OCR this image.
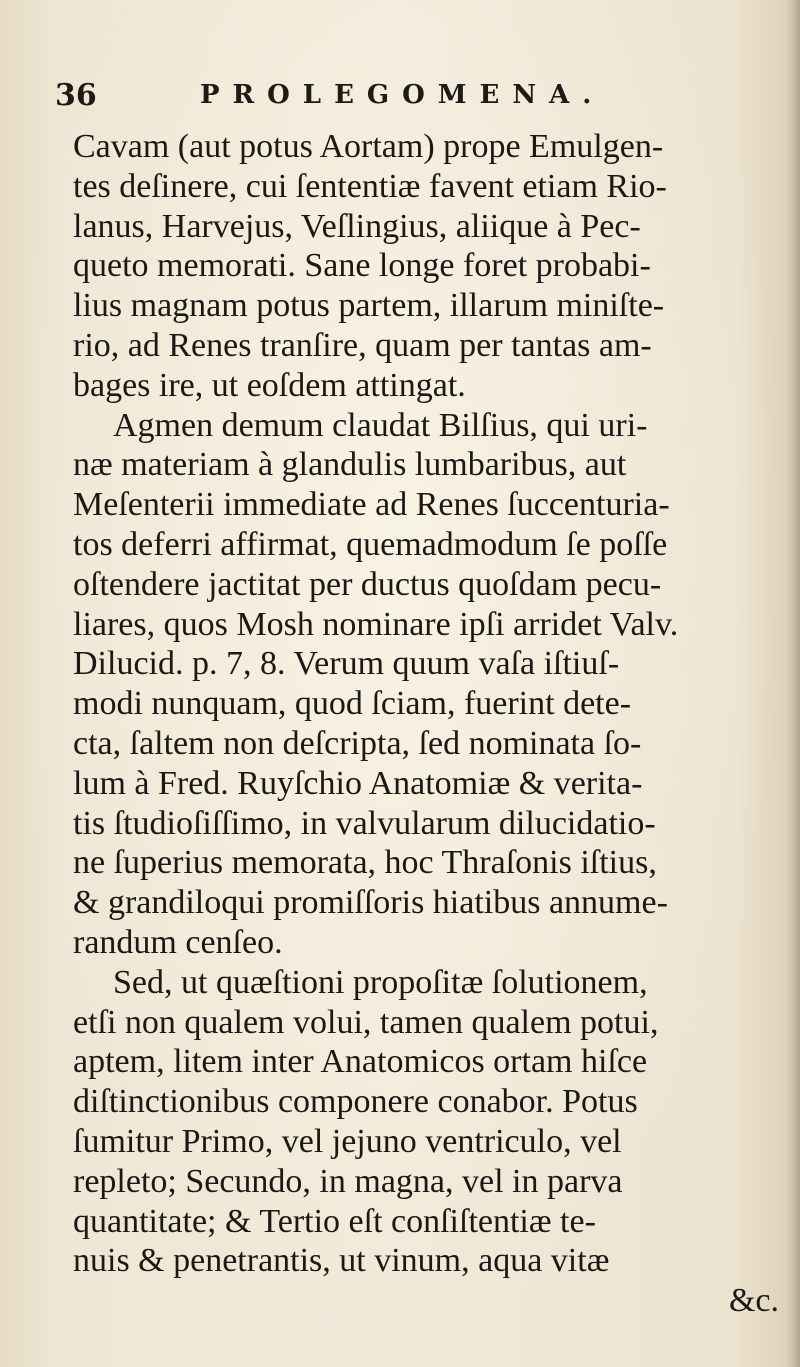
36	PROLEGOMENA.
Cavam (aut potus Aortam) prope Emulgen-
tes deſinere, cui ſententiæ favent etiam Rio-
lanus, Harvejus, Veſlingius, aliique à Pec-
queto memorati. Sane longe foret probabi-
lius magnam potus partem, illarum miniſte-
rio, ad Renes tranſire, quam per tantas am-
bages ire, ut eoſdem attingat.
Agmen demum claudat Bilſius, qui uri-
næ materiam à glandulis lumbaribus, aut
Meſenterii immediate ad Renes ſuccenturia-
tos deferri affirmat, quemadmodum ſe poſſe
oſtendere jactitat per ductus quoſdam pecu-
liares, quos Mosh nominare ipſi arridet Valv.
Dilucid. p. 7, 8. Verum quum vaſa iſtiuſ-
modi nunquam, quod ſciam, fuerint dete-
cta, ſaltem non deſcripta, ſed nominata ſo-
lum à Fred. Ruyſchio Anatomiæ & verita-
tis ſtudioſiſſimo, in valvularum dilucidatio-
ne ſuperius memorata, hoc Thraſonis iſtius,
& grandiloqui promiſſoris hiatibus annume-
randum cenſeo.
Sed, ut quæſtioni propoſitæ ſolutionem,
etſi non qualem volui, tamen qualem potui,
aptem, litem inter Anatomicos ortam hiſce
diſtinctionibus componere conabor. Potus
ſumitur Primo, vel jejuno ventriculo, vel
repleto; Secundo, in magna, vel in parva
quantitate; & Tertio eſt conſiſtentiæ te-
nuis & penetrantis, ut vinum, aqua vitæ
&c.
